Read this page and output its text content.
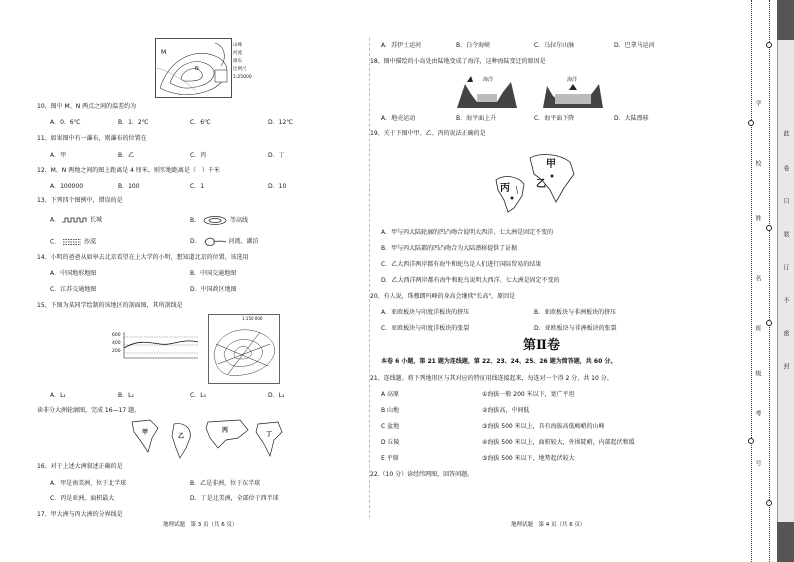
M
N
山峰
河流
瀑布
比例尺
1:25000
10、图中 M、N 两点之间的温差约为
A．0．6℃	B．1．2℃	C．6℃	D．12℃
11、如果图中有一瀑布，则瀑布的位置在
A．甲	B．乙	C．丙	D．丁
12、M、N 两地之间的图上距离是 4 厘米，则实地距离是（　）千米
A．100000	B．100	C．1	D．10
13、下列四个图例中，错误的是
A．	长城	B．	等高线
C．	沙漠	D．	河流、湖泊
14、小明的爸爸从如皋去北京看望在上大学的小明，想知道北京的位置，该选用
A．中国地形地图	B．中国交通地图
C．江苏交通地图	D．中国政区地图
15、下图为某同学绘制的该地区的剖面图，其所剖线是
600
400
200
1:150 000
A．L₁	B．L₂	C．L₃	D．L₄
读非分大洲轮廓图，完成 16—17 题。
甲
乙
丙
丁
16、对于上述大洲叙述正确的是
A．甲是南美洲，位于北半球	B．乙是非洲，位于东半球
C．丙是亚洲，面积最大	D．丁是北美洲，全部位于西半球
17、甲大洲与丙大洲的分界线是
地理试题　第 3 页（共 6 页）
A．苏伊士运河	B．白令海峡	C．乌拉尔山脉	D．巴拿马运河
18、图中描绘的小岛处由陆地变成了海洋，这种海陆变迁的原因是
海洋	海洋
A．地壳运动	B．海平面上升	C．海平面下降	D．大陆漂移
19、关于下图中甲、乙、丙的说法正确的是
甲
乙
丙
A．甲与丙大陆轮廓的凹凸吻合说明大西洋、七大洲是固定不变的
B．甲与丙大陆都的凹凸吻合为大陆漂移提供了证据
C．乙大西洋两岸都有海牛和蛇鸟是人们进行国际贸易的结果
D．乙大西洋两岸都有海牛和蛇鸟说明大西洋、七大洲是固定不变的
20、有人说，珠穆朗玛峰的身高会继续"长高"，原因是
A．亚欧板块与印度洋板块的挤压	B．亚欧板块与非洲板块的挤压
C．亚欧板块与印度洋板块的张裂	D．亚欧板块与非洲板块的张裂
第Ⅱ卷
本卷 6 小题，第 21 题为连线题，第 22、23、24、25、26 题为简答题，共 60 分。
21、连线题。将下列地形区与其对应的特征用线连接起来，每连对一个得 2 分，共 10 分。
A 高原
B 山地
C 盆地
D 丘陵
E 平原
①海拔一般 200 米以下，宽广平坦
②海拔高，中间低
③海拔 500 米以上，具有海拔高低峻峭的山峰
④海拔 500 米以上，面积较大，外围陡峭，内部起伏和缓
⑤海拔 500 米以下，地势起伏较大
22.（10 分）读经纬网图，回答问题。
地理试题　第 4 页（共 6 页）
学
校
姓
名
班
级
考
号
此
卷
只
装
订
不
密
封
